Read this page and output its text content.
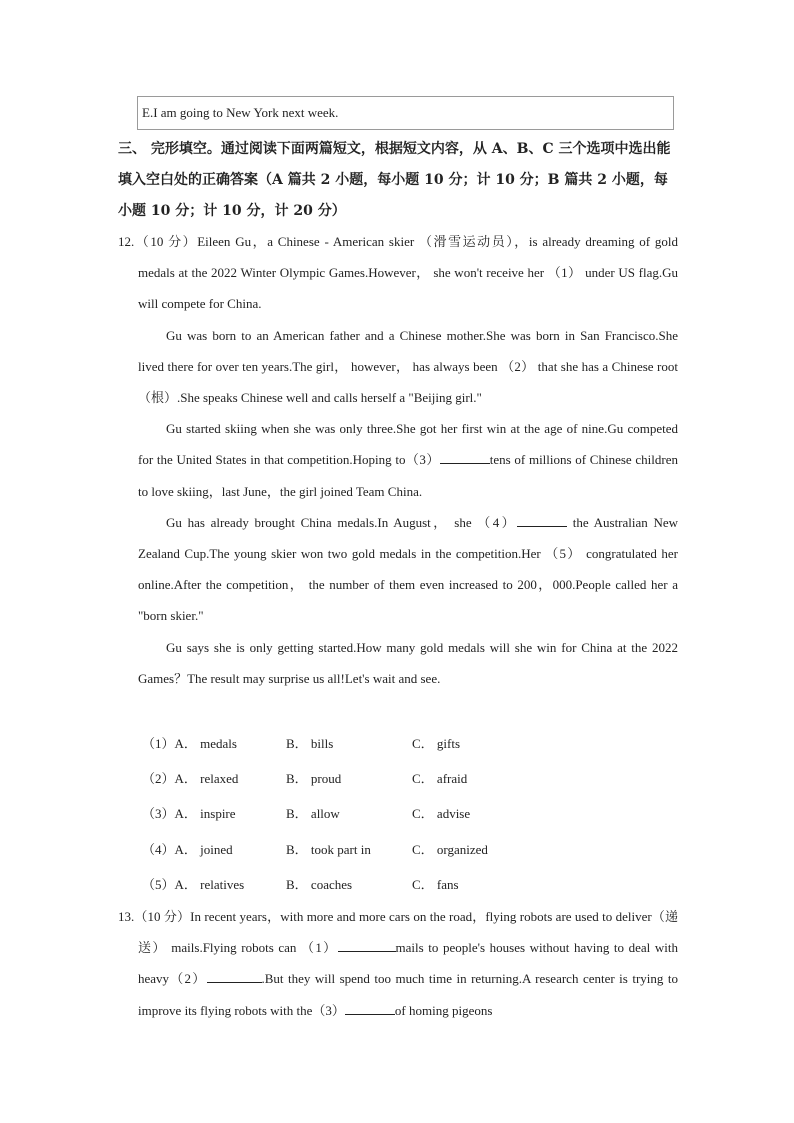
E.I am going to New York next week.
三、 完形填空。通过阅读下面两篇短文，根据短文内容，从 A、B、C 三个选项中选出能填入空白处的正确答案（A 篇共 2 小题，每小题 10 分；计 10 分；B 篇共 2 小题，每小题 10 分；计 10 分，计 20 分）
12.（10 分）Eileen Gu，a Chinese - American skier （滑雪运动员），is already dreaming of gold medals at the 2022 Winter Olympic Games.However， she won't receive her （1） under US flag.Gu will compete for China.
Gu was born to an American father and a Chinese mother.She was born in San Francisco.She lived there for over ten years.The girl， however， has always been （2） that she has a Chinese root （根）.She speaks Chinese well and calls herself a "Beijing girl."
Gu started skiing when she was only three.She got her first win at the age of nine.Gu competed for the United States in that competition.Hoping to（3）	tens of millions of Chinese children to love skiing，last June，the girl joined Team China.
Gu has already brought China medals.In August， she （4）	the Australian New Zealand Cup.The young skier won two gold medals in the competition.Her （5） congratulated her online.After the competition， the number of them even increased to 200，000.People called her a "born skier."
Gu says she is only getting started.How many gold medals will she win for China at the 2022 Games？The result may surprise us all!Let's wait and see.
（1）A． medals	B． bills	C． gifts
（2）A． relaxed	B． proud	C． afraid
（3）A． inspire	B． allow	C． advise
（4）A． joined	B． took part in	C． organized
（5）A． relatives	B． coaches	C． fans
13.（10 分）In recent years，with more and more cars on the road，flying robots are used to deliver（递送） mails.Flying robots can （1）	mails to people's houses without having to deal with heavy（2）	.But they will spend too much time in returning.A research center is trying to improve its flying robots with the（3）	of homing pigeons
